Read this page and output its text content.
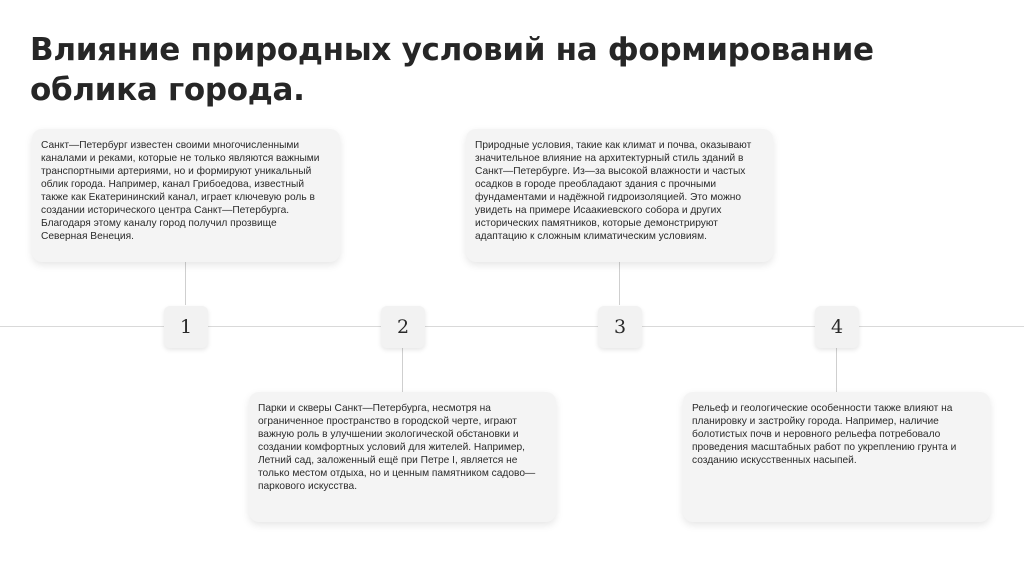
Влияние природных условий на формирование
облика города.
1	2	3	4

Санкт—Петербург известен своими многочисленными
каналами и реками, которые не только являются важными
транспортными артериями, но и формируют уникальный
облик города. Например, канал Грибоедова, известный
также как Екатерининский канал, играет ключевую роль в
создании исторического центра Санкт—Петербурга.
Благодаря этому каналу город получил прозвище
Северная Венеция.

Парки и скверы Санкт—Петербурга, несмотря на
ограниченное пространство в городской черте, играют
важную роль в улучшении экологической обстановки и
создании комфортных условий для жителей. Например,
Летний сад, заложенный ещё при Петре I, является не
только местом отдыха, но и ценным памятником садово—
паркового искусства.

Природные условия, такие как климат и почва, оказывают
значительное влияние на архитектурный стиль зданий в
Санкт—Петербурге. Из—за высокой влажности и частых
осадков в городе преобладают здания с прочными
фундаментами и надёжной гидроизоляцией. Это можно
увидеть на примере Исаакиевского собора и других
исторических памятников, которые демонстрируют
адаптацию к сложным климатическим условиям.

Рельеф и геологические особенности также влияют на
планировку и застройку города. Например, наличие
болотистых почв и неровного рельефа потребовало
проведения масштабных работ по укреплению грунта и
созданию искусственных насыпей.
